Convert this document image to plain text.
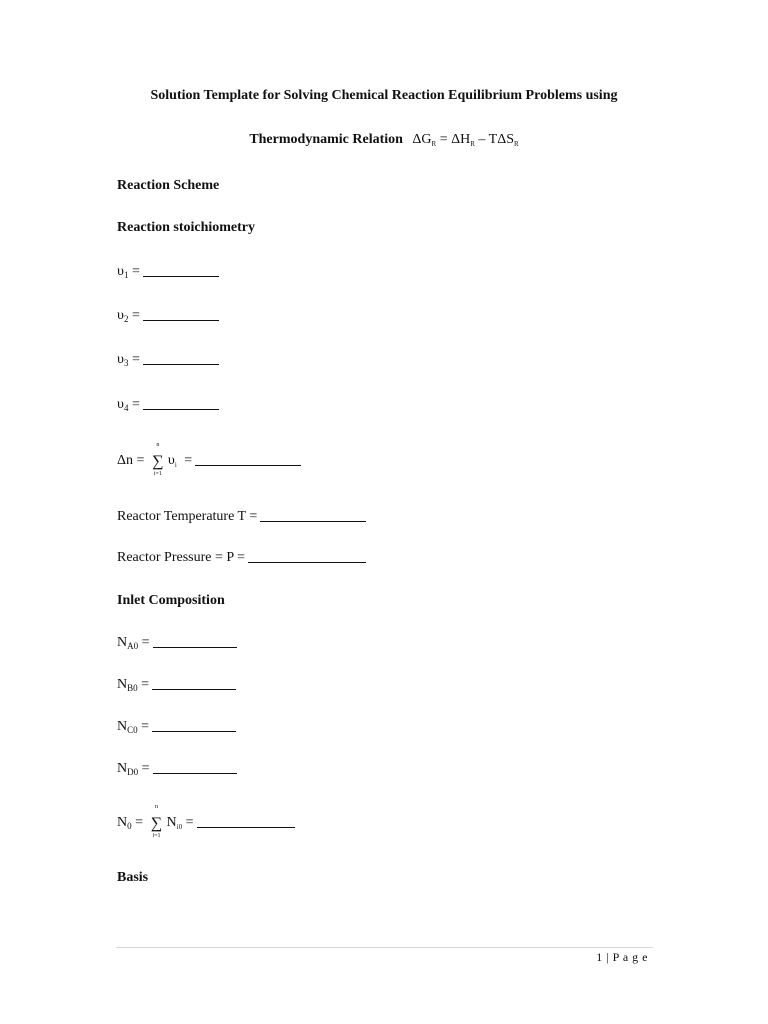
Solution Template for Solving Chemical Reaction Equilibrium Problems using
Thermodynamic Relation $\Delta G_R = \Delta H_R - T\Delta S_R$
Reaction Scheme
Reaction stoichiometry
$\upsilon_1$ =
$\upsilon_2$ =
$\upsilon_3$ =
$\upsilon_4$ =
Δn =
n
∑
i=1
$\upsilon_i$ =
Reactor Temperature T =
Reactor Pressure = P =
Inlet Composition
$N_{A0}$ =
$N_{B0}$ =
$N_{C0}$ =
$N_{D0}$ =
$N_0$ =
n
∑
i=1
$N_{i0}$ =
Basis
1 | P a g e
